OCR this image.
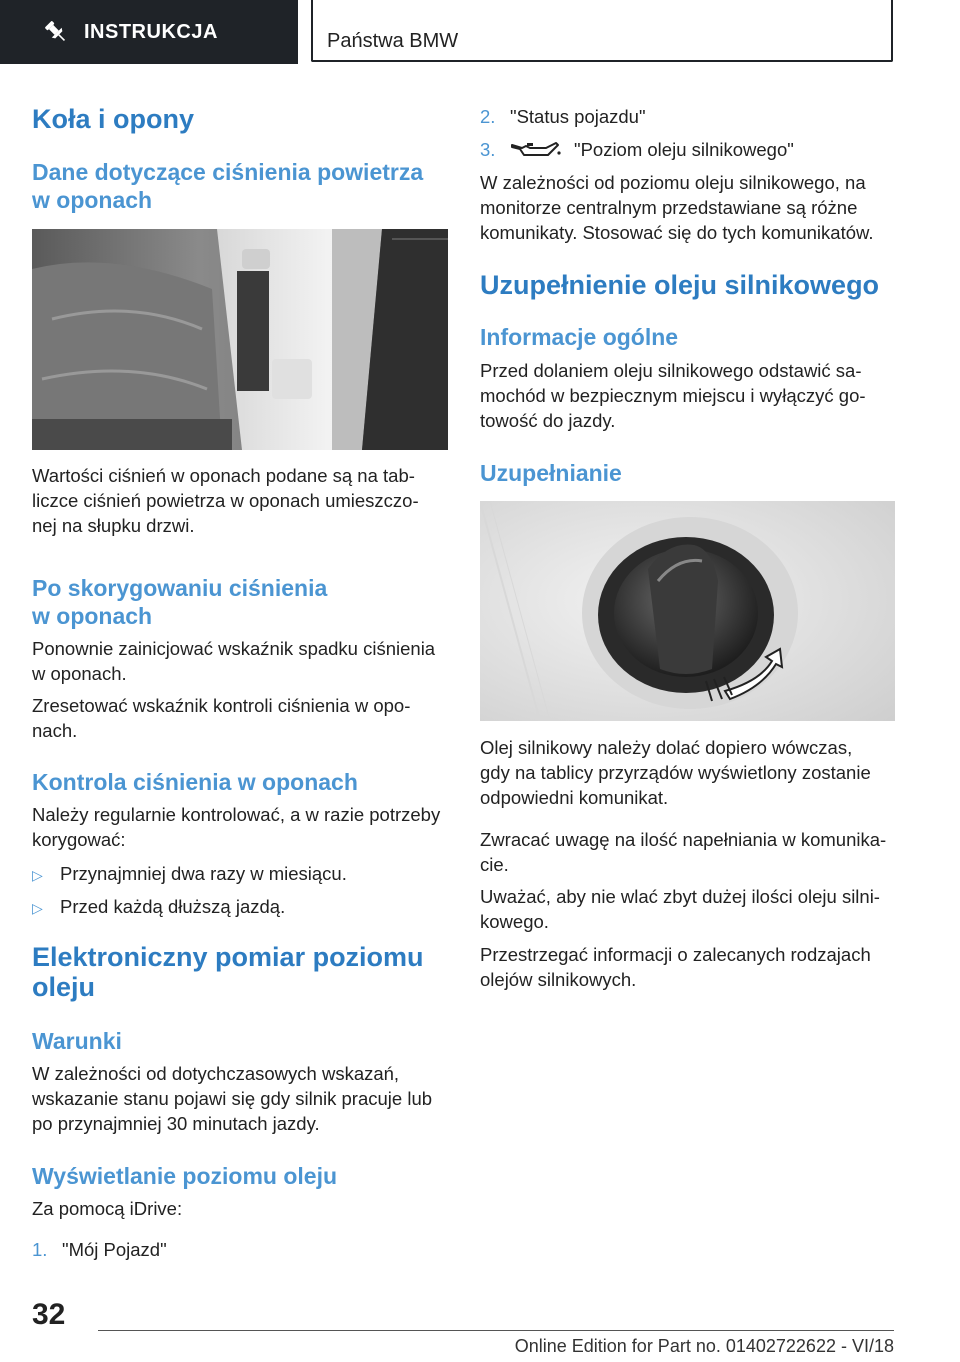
INSTRUKCJA	Państwa BMW
Koła i opony
Dane dotyczące ciśnienia powietrza
w oponach
Wartości ciśnień w oponach podane są na tab-
liczce ciśnień powietrza w oponach umieszczo-
nej na słupku drzwi.
Po skorygowaniu ciśnienia
w oponach
Ponownie zainicjować wskaźnik spadku ciśnienia
w oponach.
Zresetować wskaźnik kontroli ciśnienia w opo-
nach.
Kontrola ciśnienia w oponach
Należy regularnie kontrolować, a w razie potrzeby
korygować:
▷ Przynajmniej dwa razy w miesiącu.
▷ Przed każdą dłuższą jazdą.
Elektroniczny pomiar poziomu
oleju
Warunki
W zależności od dotychczasowych wskazań,
wskazanie stanu pojawi się gdy silnik pracuje lub
po przynajmniej 30 minutach jazdy.
Wyświetlanie poziomu oleju
Za pomocą iDrive:
1. "Mój Pojazd"
2. "Status pojazdu"
3.	"Poziom oleju silnikowego"
W zależności od poziomu oleju silnikowego, na
monitorze centralnym przedstawiane są różne
komunikaty. Stosować się do tych komunikatów.
Uzupełnienie oleju silnikowego
Informacje ogólne
Przed dolaniem oleju silnikowego odstawić sa-
mochód w bezpiecznym miejscu i wyłączyć go-
towość do jazdy.
Uzupełnianie
Olej silnikowy należy dolać dopiero wówczas,
gdy na tablicy przyrządów wyświetlony zostanie
odpowiedni komunikat.
Zwracać uwagę na ilość napełniania w komunika-
cie.
Uważać, aby nie wlać zbyt dużej ilości oleju silni-
kowego.
Przestrzegać informacji o zalecanych rodzajach
olejów silnikowych.
32
Online Edition for Part no. 01402722622 - VI/18
